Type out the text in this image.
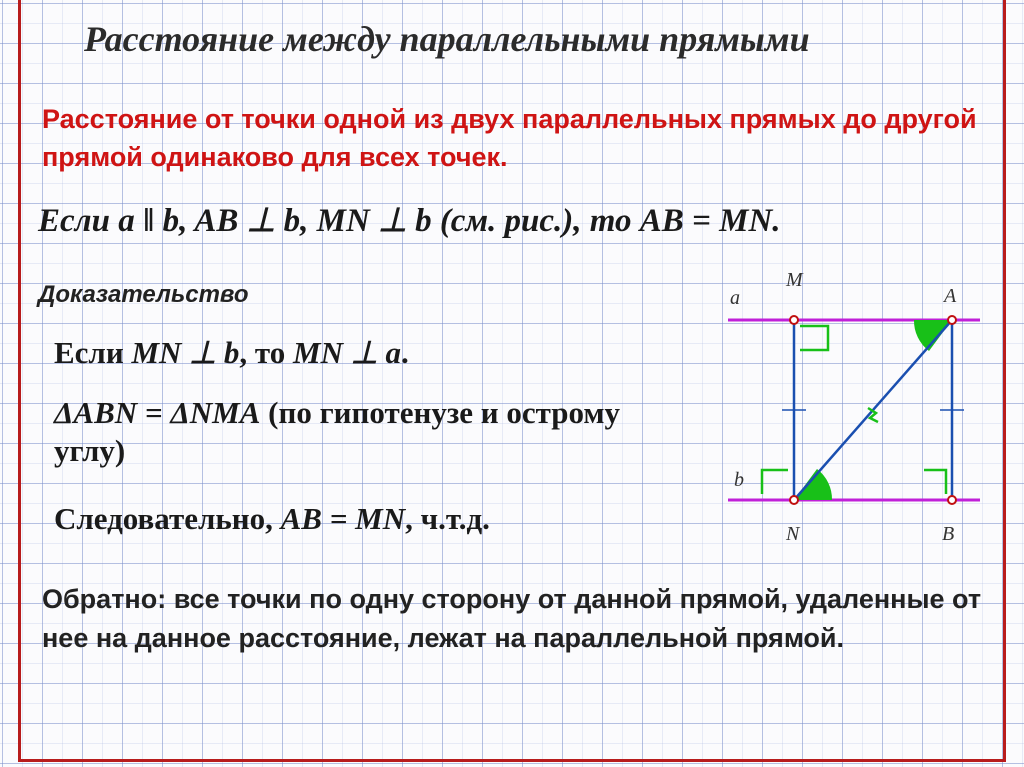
Расстояние между параллельными прямыми

Расстояние от точки одной из двух параллельных прямых до другой прямой одинаково для всех точек.

Если a ‖ b, AB ⊥ b, MN ⊥ b (см. рис.), то AB = MN.

Доказательство

Если MN ⊥ b, то MN ⊥ a.

ΔABN = ΔNMA (по гипотенузе и острому углу)

Следовательно, AB = MN, ч.т.д.

Обратно: все точки по одну сторону от данной прямой, удаленные от нее на данное расстояние, лежат на параллельной прямой.

M
a	A
b
N	B
